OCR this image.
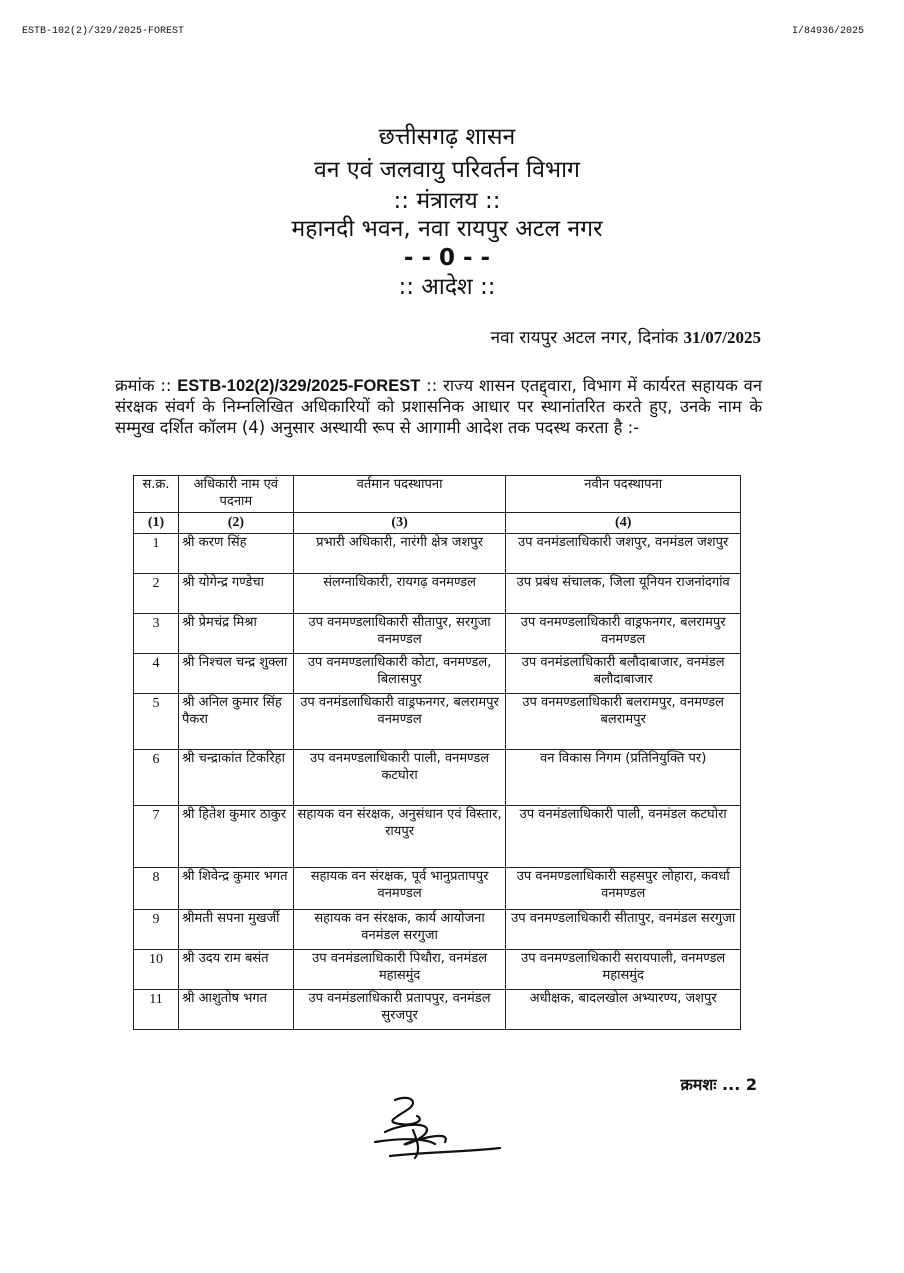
ESTB-102(2)/329/2025-FOREST	I/84936/2025
छत्तीसगढ़ शासन
वन एवं जलवायु परिवर्तन विभाग
:: मंत्रालय ::
महानदी भवन, नवा रायपुर अटल नगर
- - 0 - -
:: आदेश ::
नवा रायपुर अटल नगर, दिनांक 31/07/2025
क्रमांक :: ESTB-102(2)/329/2025-FOREST :: राज्य शासन एतद्द्वारा, विभाग में कार्यरत सहायक वन संरक्षक संवर्ग के निम्नलिखित अधिकारियों को प्रशासनिक आधार पर स्थानांतरित करते हुए, उनके नाम के सम्मुख दर्शित कॉलम (4) अनुसार अस्थायी रूप से आगामी आदेश तक पदस्थ करता है :-
स.क्र.	अधिकारी नाम एवं पदनाम	वर्तमान पदस्थापना	नवीन पदस्थापना
(1)	(2)	(3)	(4)
1	श्री करण सिंह	प्रभारी अधिकारी, नारंगी क्षेत्र जशपुर	उप वनमंडलाधिकारी जशपुर, वनमंडल जशपुर
2	श्री योगेन्द्र गण्डेचा	संलग्नाधिकारी, रायगढ़ वनमण्डल	उप प्रबंध संचालक, जिला यूनियन राजनांदगांव
3	श्री प्रेमचंद्र मिश्रा	उप वनमण्डलाधिकारी सीतापुर, सरगुजा वनमण्डल	उप वनमण्डलाधिकारी वाड्रफनगर, बलरामपुर वनमण्डल
4	श्री निश्चल चन्द्र शुक्ला	उप वनमण्डलाधिकारी कोटा, वनमण्डल, बिलासपुर	उप वनमंडलाधिकारी बलौदाबाजार, वनमंडल बलौदाबाजार
5	श्री अनिल कुमार सिंह पैकरा	उप वनमंडलाधिकारी वाड्रफनगर, बलरामपुर वनमण्डल	उप वनमण्डलाधिकारी बलरामपुर, वनमण्डल बलरामपुर
6	श्री चन्द्राकांत टिकरिहा	उप वनमण्डलाधिकारी पाली, वनमण्डल कटघोरा	वन विकास निगम (प्रतिनियुक्ति पर)
7	श्री हितेश कुमार ठाकुर	सहायक वन संरक्षक, अनुसंधान एवं विस्तार, रायपुर	उप वनमंडलाधिकारी पाली, वनमंडल कटघोरा
8	श्री शिवेन्द्र कुमार भगत	सहायक वन संरक्षक, पूर्व भानुप्रतापपुर वनमण्डल	उप वनमण्डलाधिकारी सहसपुर लोहारा, कवर्धा वनमण्डल
9	श्रीमती सपना मुखर्जी	सहायक वन संरक्षक, कार्य आयोजना वनमंडल सरगुजा	उप वनमण्डलाधिकारी सीतापुर, वनमंडल सरगुजा
10	श्री उदय राम बसंत	उप वनमंडलाधिकारी पिथौरा, वनमंडल महासमुंद	उप वनमण्डलाधिकारी सरायपाली, वनमण्डल महासमुंद
11	श्री आशुतोष भगत	उप वनमंडलाधिकारी प्रतापपुर, वनमंडल सुरजपुर	अधीक्षक, बादलखोल अभ्यारण्य, जशपुर
क्रमशः ... 2
